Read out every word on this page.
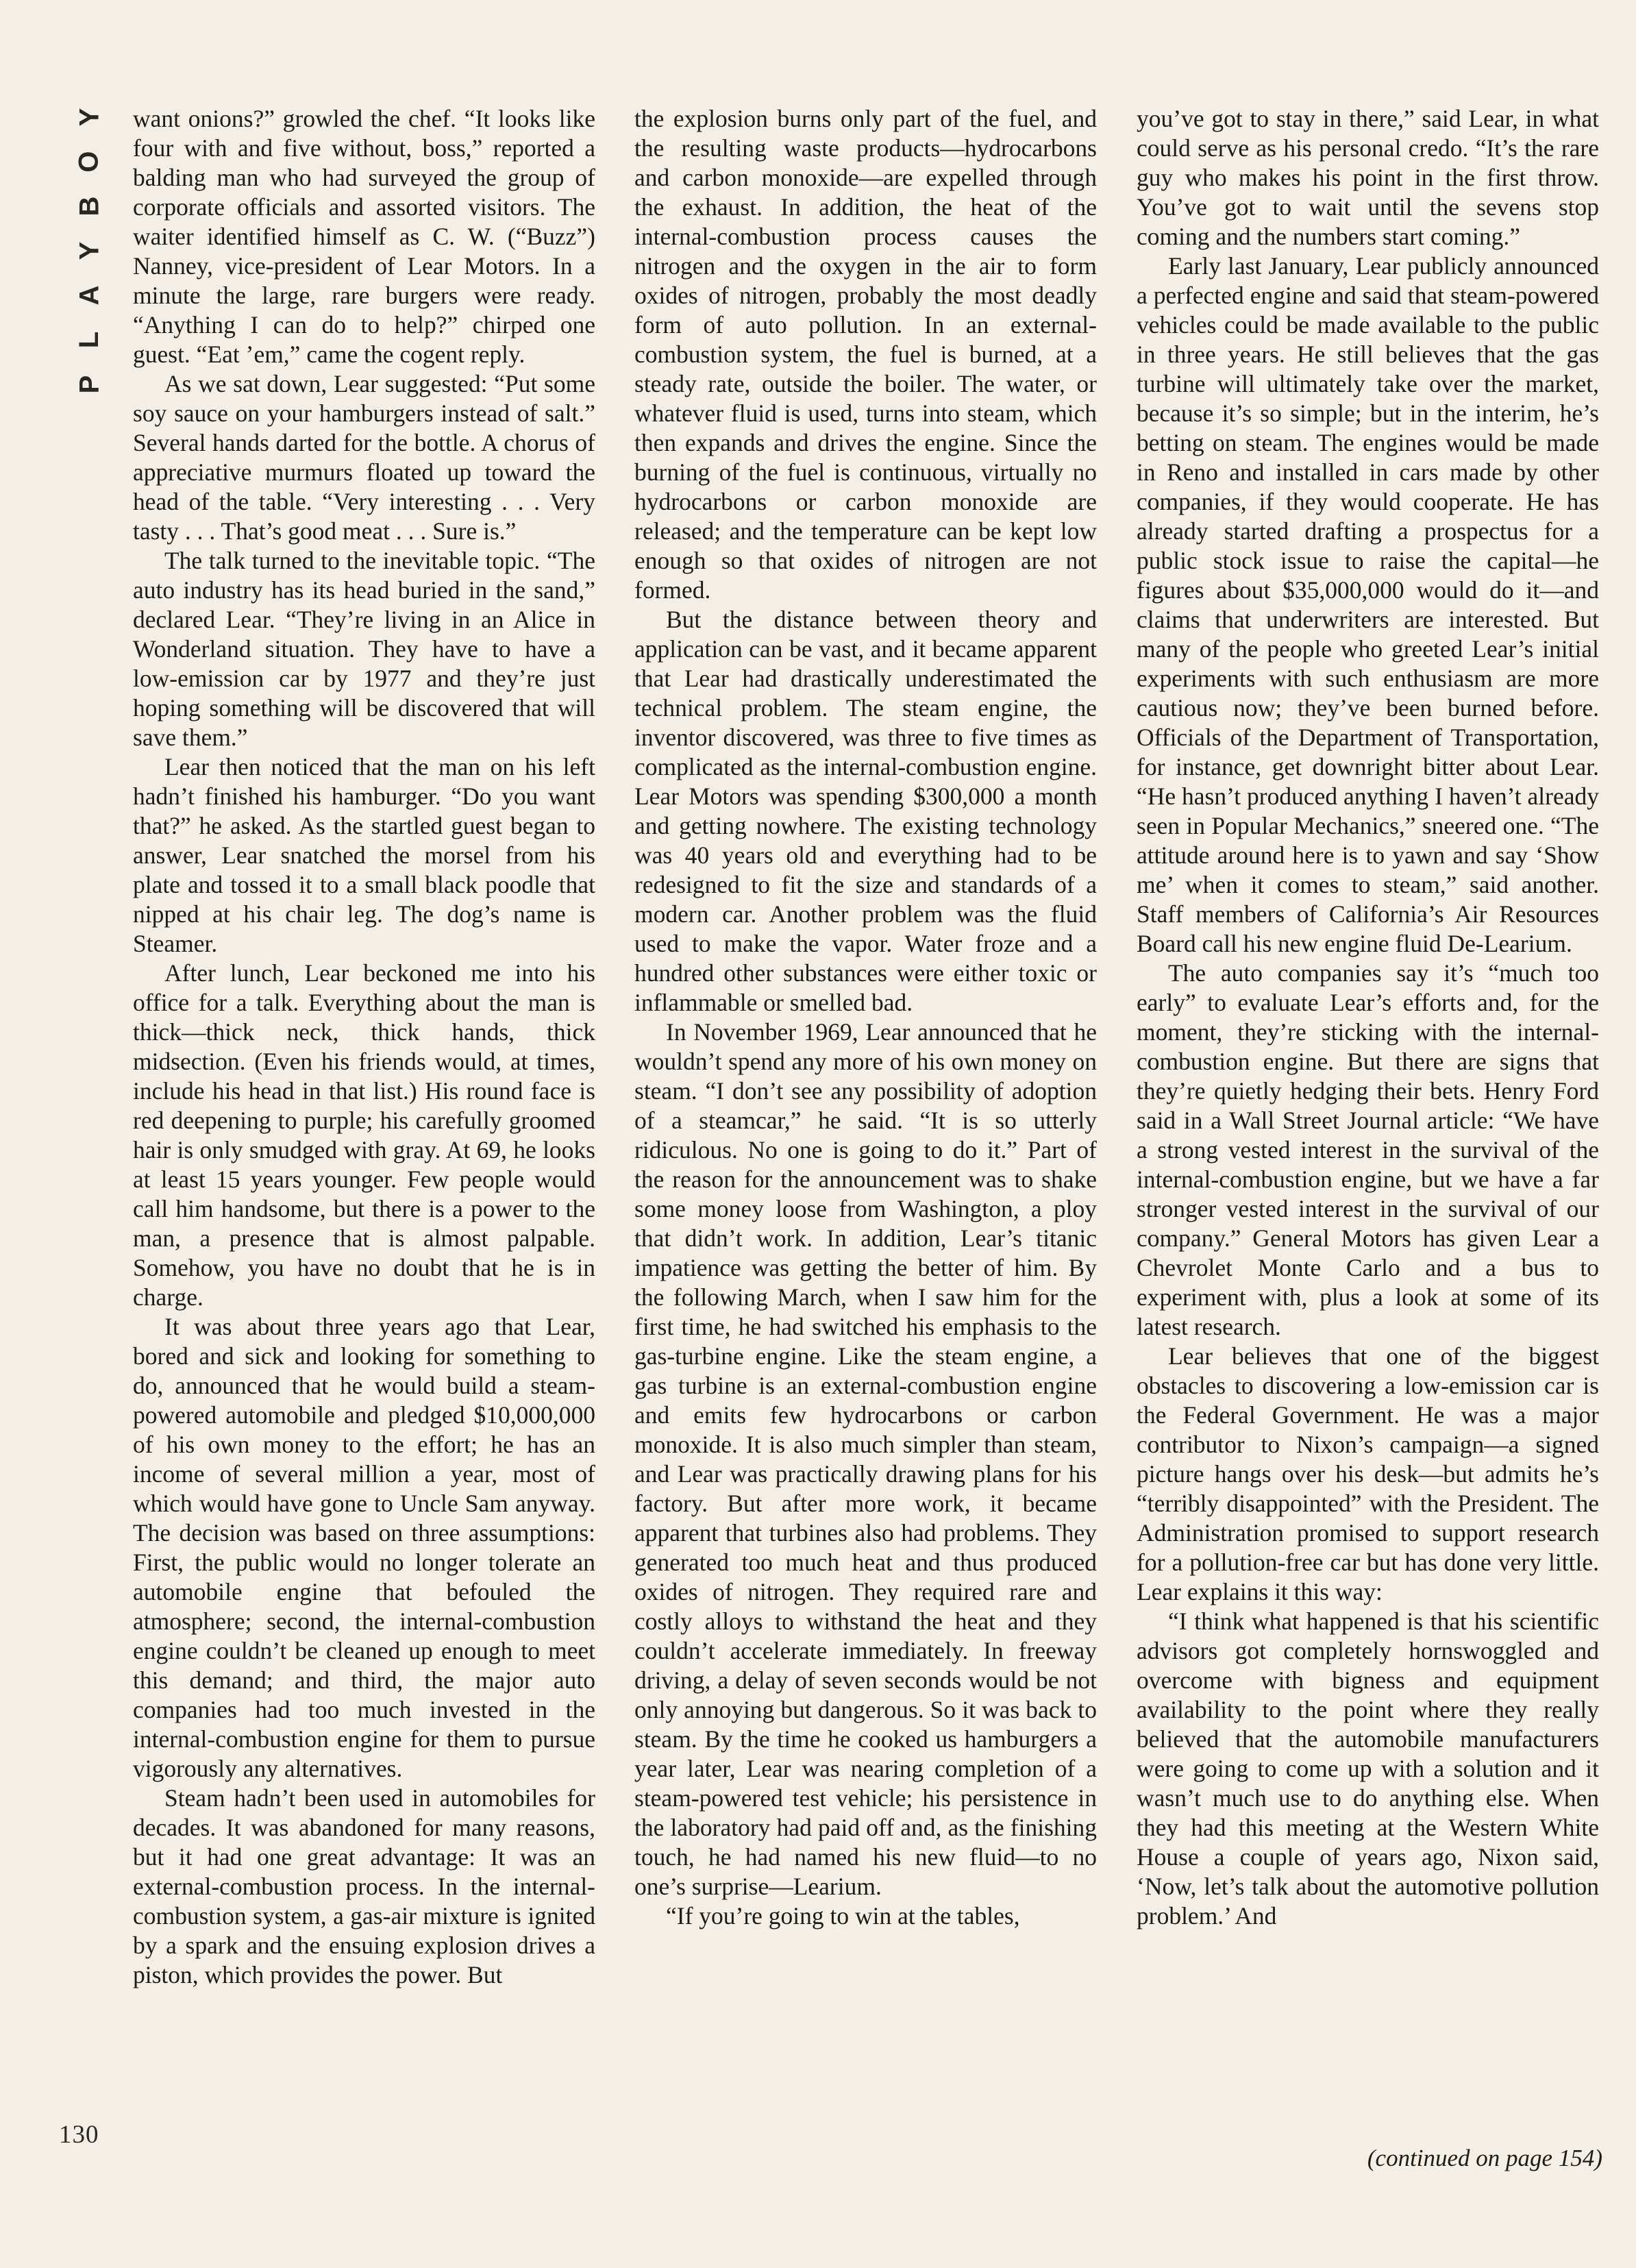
Y
O
B
Y
A
L
P

want onions?” growled the chef. “It looks like four with and five without, boss,” reported a balding man who had surveyed the group of corporate officials and assorted visitors. The waiter identified himself as C. W. (“Buzz”) Nanney, vice-president of Lear Motors. In a minute the large, rare burgers were ready. “Anything I can do to help?” chirped one guest. “Eat ’em,” came the cogent reply.

As we sat down, Lear suggested: “Put some soy sauce on your hamburgers instead of salt.” Several hands darted for the bottle. A chorus of appreciative murmurs floated up toward the head of the table. “Very interesting . . . Very tasty . . . That’s good meat . . . Sure is.”

The talk turned to the inevitable topic. “The auto industry has its head buried in the sand,” declared Lear. “They’re living in an Alice in Wonderland situation. They have to have a low-emission car by 1977 and they’re just hoping something will be discovered that will save them.”

Lear then noticed that the man on his left hadn’t finished his hamburger. “Do you want that?” he asked. As the startled guest began to answer, Lear snatched the morsel from his plate and tossed it to a small black poodle that nipped at his chair leg. The dog’s name is Steamer.

After lunch, Lear beckoned me into his office for a talk. Everything about the man is thick—thick neck, thick hands, thick midsection. (Even his friends would, at times, include his head in that list.) His round face is red deepening to purple; his carefully groomed hair is only smudged with gray. At 69, he looks at least 15 years younger. Few people would call him handsome, but there is a power to the man, a presence that is almost palpable. Somehow, you have no doubt that he is in charge.

It was about three years ago that Lear, bored and sick and looking for something to do, announced that he would build a steam-powered automobile and pledged $10,000,000 of his own money to the effort; he has an income of several million a year, most of which would have gone to Uncle Sam anyway. The decision was based on three assumptions: First, the public would no longer tolerate an automobile engine that befouled the atmosphere; second, the internal-combustion engine couldn’t be cleaned up enough to meet this demand; and third, the major auto companies had too much invested in the internal-combustion engine for them to pursue vigorously any alternatives.

Steam hadn’t been used in automobiles for decades. It was abandoned for many reasons, but it had one great advantage: It was an external-combustion process. In the internal-combustion system, a gas-air mixture is ignited by a spark and the ensuing explosion drives a piston, which provides the power. But

the explosion burns only part of the fuel, and the resulting waste products—hydrocarbons and carbon monoxide—are expelled through the exhaust. In addition, the heat of the internal-combustion process causes the nitrogen and the oxygen in the air to form oxides of nitrogen, probably the most deadly form of auto pollution. In an external-combustion system, the fuel is burned, at a steady rate, outside the boiler. The water, or whatever fluid is used, turns into steam, which then expands and drives the engine. Since the burning of the fuel is continuous, virtually no hydrocarbons or carbon monoxide are released; and the temperature can be kept low enough so that oxides of nitrogen are not formed.

But the distance between theory and application can be vast, and it became apparent that Lear had drastically underestimated the technical problem. The steam engine, the inventor discovered, was three to five times as complicated as the internal-combustion engine. Lear Motors was spending $300,000 a month and getting nowhere. The existing technology was 40 years old and everything had to be redesigned to fit the size and standards of a modern car. Another problem was the fluid used to make the vapor. Water froze and a hundred other substances were either toxic or inflammable or smelled bad.

In November 1969, Lear announced that he wouldn’t spend any more of his own money on steam. “I don’t see any possibility of adoption of a steamcar,” he said. “It is so utterly ridiculous. No one is going to do it.” Part of the reason for the announcement was to shake some money loose from Washington, a ploy that didn’t work. In addition, Lear’s titanic impatience was getting the better of him. By the following March, when I saw him for the first time, he had switched his emphasis to the gas-turbine engine. Like the steam engine, a gas turbine is an external-combustion engine and emits few hydrocarbons or carbon monoxide. It is also much simpler than steam, and Lear was practically drawing plans for his factory. But after more work, it became apparent that turbines also had problems. They generated too much heat and thus produced oxides of nitrogen. They required rare and costly alloys to withstand the heat and they couldn’t accelerate immediately. In freeway driving, a delay of seven seconds would be not only annoying but dangerous. So it was back to steam. By the time he cooked us hamburgers a year later, Lear was nearing completion of a steam-powered test vehicle; his persistence in the laboratory had paid off and, as the finishing touch, he had named his new fluid—to no one’s surprise—Learium.

“If you’re going to win at the tables,

you’ve got to stay in there,” said Lear, in what could serve as his personal credo. “It’s the rare guy who makes his point in the first throw. You’ve got to wait until the sevens stop coming and the numbers start coming.”

Early last January, Lear publicly announced a perfected engine and said that steam-powered vehicles could be made available to the public in three years. He still believes that the gas turbine will ultimately take over the market, because it’s so simple; but in the interim, he’s betting on steam. The engines would be made in Reno and installed in cars made by other companies, if they would cooperate. He has already started drafting a prospectus for a public stock issue to raise the capital—he figures about $35,000,000 would do it—and claims that underwriters are interested. But many of the people who greeted Lear’s initial experiments with such enthusiasm are more cautious now; they’ve been burned before. Officials of the Department of Transportation, for instance, get downright bitter about Lear. “He hasn’t produced anything I haven’t already seen in Popular Mechanics,” sneered one. “The attitude around here is to yawn and say ‘Show me’ when it comes to steam,” said another. Staff members of California’s Air Resources Board call his new engine fluid De-Learium.

The auto companies say it’s “much too early” to evaluate Lear’s efforts and, for the moment, they’re sticking with the internal-combustion engine. But there are signs that they’re quietly hedging their bets. Henry Ford said in a Wall Street Journal article: “We have a strong vested interest in the survival of the internal-combustion engine, but we have a far stronger vested interest in the survival of our company.” General Motors has given Lear a Chevrolet Monte Carlo and a bus to experiment with, plus a look at some of its latest research.

Lear believes that one of the biggest obstacles to discovering a low-emission car is the Federal Government. He was a major contributor to Nixon’s campaign—a signed picture hangs over his desk—but admits he’s “terribly disappointed” with the President. The Administration promised to support research for a pollution-free car but has done very little. Lear explains it this way:

“I think what happened is that his scientific advisors got completely hornswoggled and overcome with bigness and equipment availability to the point where they really believed that the automobile manufacturers were going to come up with a solution and it wasn’t much use to do anything else. When they had this meeting at the Western White House a couple of years ago, Nixon said, ‘Now, let’s talk about the automotive pollution problem.’ And

(continued on page 154)
130
